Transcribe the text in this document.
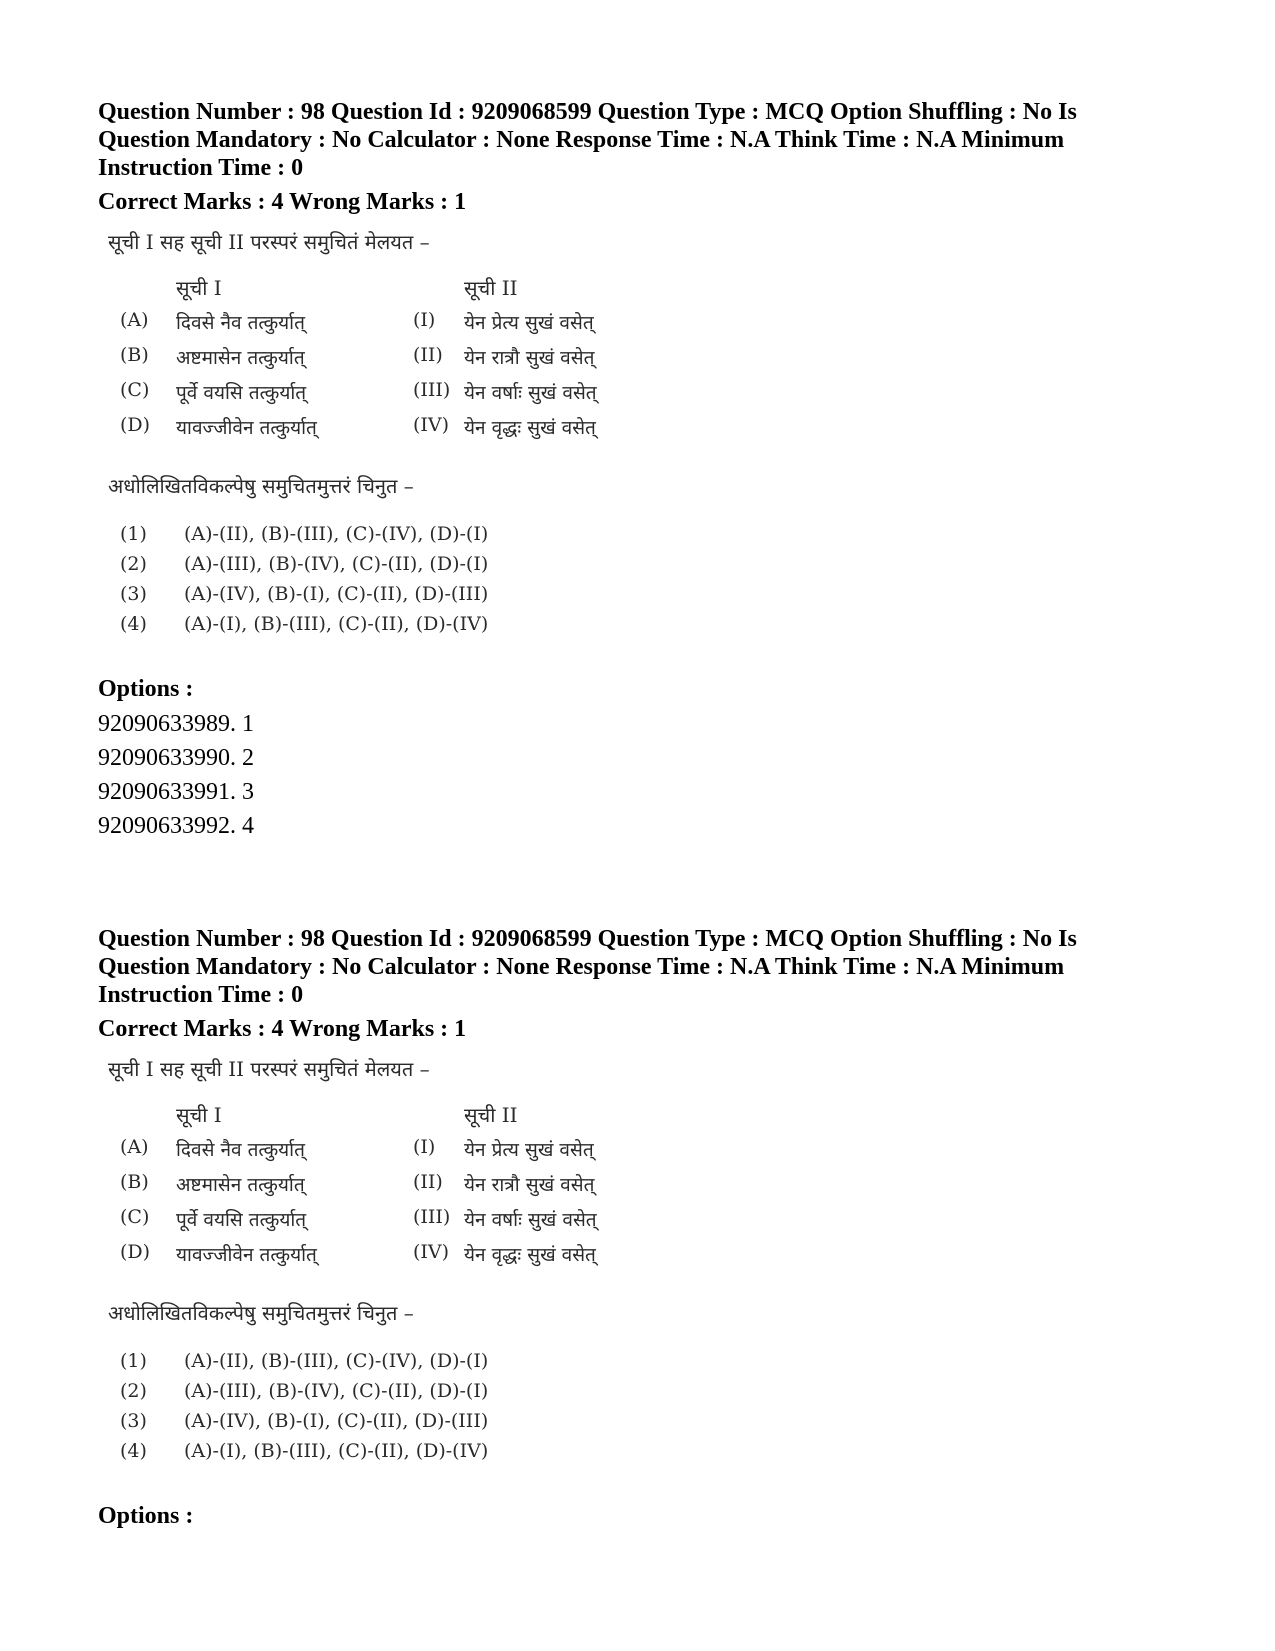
Question Number : 98 Question Id : 9209068599 Question Type : MCQ Option Shuffling : No Is
Question Mandatory : No Calculator : None Response Time : N.A Think Time : N.A Minimum
Instruction Time : 0
Correct Marks : 4 Wrong Marks : 1
सूची I सह सूची II परस्परं समुचितं मेलयत –
सूची I	सूची II
(A) दिवसे नैव तत्कुर्यात्	(I) येन प्रेत्य सुखं वसेत्
(B) अष्टमासेन तत्कुर्यात्	(II) येन रात्रौ सुखं वसेत्
(C) पूर्वे वयसि तत्कुर्यात्	(III) येन वर्षाः सुखं वसेत्
(D) यावज्जीवेन तत्कुर्यात्	(IV) येन वृद्धः सुखं वसेत्
अधोलिखितविकल्पेषु समुचितमुत्तरं चिनुत –
(1) (A)-(II), (B)-(III), (C)-(IV), (D)-(I)
(2) (A)-(III), (B)-(IV), (C)-(II), (D)-(I)
(3) (A)-(IV), (B)-(I), (C)-(II), (D)-(III)
(4) (A)-(I), (B)-(III), (C)-(II), (D)-(IV)
Options :
92090633989. 1
92090633990. 2
92090633991. 3
92090633992. 4
Question Number : 98 Question Id : 9209068599 Question Type : MCQ Option Shuffling : No Is
Question Mandatory : No Calculator : None Response Time : N.A Think Time : N.A Minimum
Instruction Time : 0
Correct Marks : 4 Wrong Marks : 1
सूची I सह सूची II परस्परं समुचितं मेलयत –
सूची I	सूची II
(A) दिवसे नैव तत्कुर्यात्	(I) येन प्रेत्य सुखं वसेत्
(B) अष्टमासेन तत्कुर्यात्	(II) येन रात्रौ सुखं वसेत्
(C) पूर्वे वयसि तत्कुर्यात्	(III) येन वर्षाः सुखं वसेत्
(D) यावज्जीवेन तत्कुर्यात्	(IV) येन वृद्धः सुखं वसेत्
अधोलिखितविकल्पेषु समुचितमुत्तरं चिनुत –
(1) (A)-(II), (B)-(III), (C)-(IV), (D)-(I)
(2) (A)-(III), (B)-(IV), (C)-(II), (D)-(I)
(3) (A)-(IV), (B)-(I), (C)-(II), (D)-(III)
(4) (A)-(I), (B)-(III), (C)-(II), (D)-(IV)
Options :
